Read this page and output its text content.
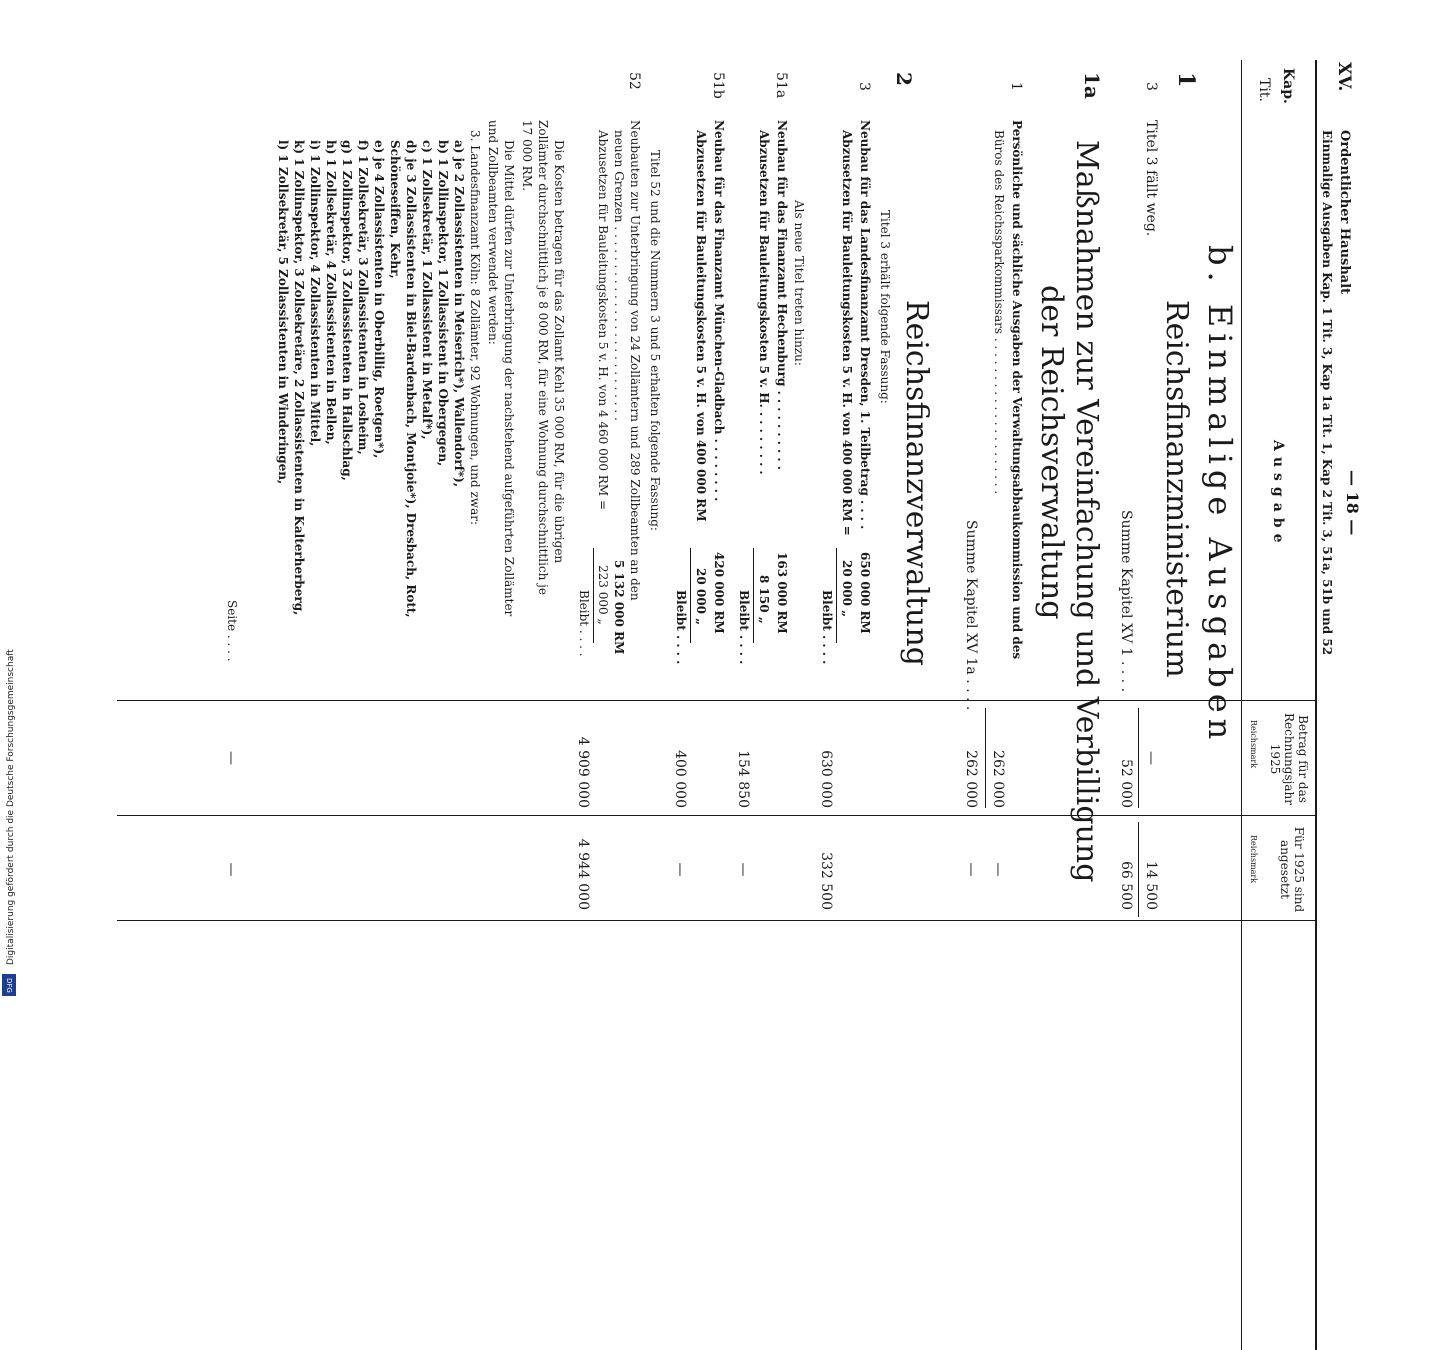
Digitalisierung gefördert durch die Deutsche Forschungsgemeinschaft
DFG
XV.
Ordentlicher Haushalt
— 18 —
Einmalige Ausgaben Kap. 1 Tit. 3, Kap 1a Tit. 1, Kap 2 Tit. 3, 51a, 51b und 52
Kap.
Tit.
Ausgabe
Betrag für das Rechnungsjahr 1925
Reichsmark
Für 1925 sind angesetzt
Reichsmark
b. Einmalige Ausgaben
Reichsfinanzministerium
1
3
Titel 3 fällt weg.
14 500
—
Summe Kapitel XV 1 . . . .
52 000
66 500
1a
Maßnahmen zur Vereinfachung und Verbilligung
der Reichsverwaltung
1
Persönliche und sächliche Ausgaben der Verwaltungsabbaukommission und des
Büros des Reichssparkommissars . . . . . . . . . . . . . . . . . . . . .
262 000
—
Summe Kapitel XV 1a . . . .
262 000
—
Reichsfinanzverwaltung
2
Titel 3 erhält folgende Fassung:
3
Neubau für das Landesfinanzamt Dresden, 1. Teilbetrag . . . .
Abzusetzen für Bauleitungskosten 5 v. H. von 400 000 RM =
650 000 RM
20 000 „
Bleibt . . . .
630 000
332 500
Als neue Titel treten hinzu:
51a
Neubau für das Finanzamt Hechenburg . . . . . . . . . .
Abzusetzen für Bauleitungskosten 5 v. H. . . . . . . . .
163 000 RM
8 150 „
Bleibt . . . .
154 850
—
51b
Neubau für das Finanzamt München-Gladbach . . . . . . . .
Abzusetzen für Bauleitungskosten 5 v. H. von 400 000 RM
420 000 RM
20 000 „
Bleibt . . . .
400 000
—
Titel 52 und die Nummern 3 und 5 erhalten folgende Fassung:
52
Neubauten zur Unterbringung von 24 Zollämtern und 289 Zollbeamten an den
neuen Grenzen . . . . . . . . . . . . . . . . . . . . . . . . . .
Abzusetzen für Bauleitungskosten 5 v. H. von 4 460 000 RM =
5 132 000 RM
223 000 „
Bleibt . . . .
4 909 000
4 944 000
Die Kosten betragen für das Zollamt Kehl 35 000 RM, für die übrigen
Zollämter durchschnittlich je 8 000 RM, für eine Wohnung durchschnittlich je
17 000 RM.
Die Mittel dürfen zur Unterbringung der nachstehend aufgeführten Zollämter
und Zollbeamten verwendet werden:
3. Landesfinanzamt Köln: 8 Zollämter, 92 Wohnungen, und zwar:
a) je 2 Zollassistenten in Meiserich*), Wallendorf*),
b) 1 Zollinspektor, 1 Zollassistent in Obergegen,
c) 1 Zollsekretär, 1 Zollassistent in Metalf*),
d) je 3 Zollassistenten in Biel-Bardenbach, Montjoie*), Dresbach, Rott,
Schöneseiffen, Kehr,
e) je 4 Zollassistenten in Oberbillig, Roetgen*),
f) 1 Zollsekretär, 3 Zollassistenten in Losheim,
g) 1 Zollinspektor, 3 Zollassistenten in Hallschlag,
h) 1 Zollsekretär, 4 Zollassistenten in Bellen,
i) 1 Zollinspektor, 4 Zollassistenten in Mittel,
k) 1 Zollinspektor, 3 Zollsekretäre, 2 Zollassistenten in Kalterherberg,
l) 1 Zollsekretär, 5 Zollassistenten in Winderingen,
Seite . . . .
—
—
